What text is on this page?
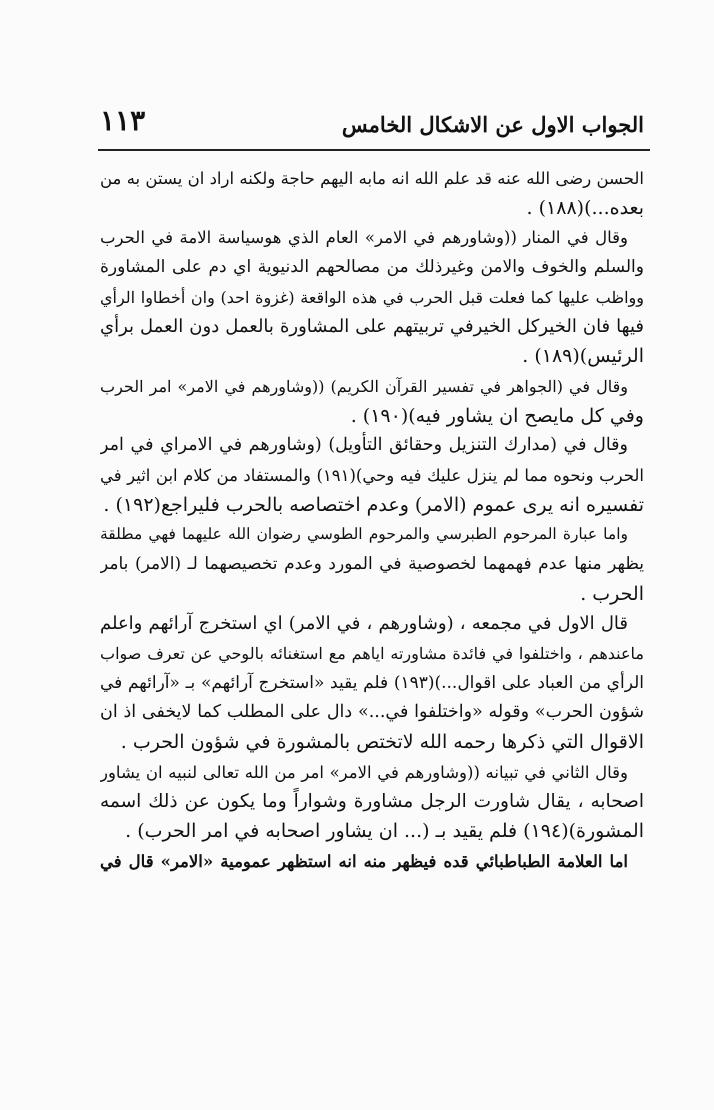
الجواب الاول عن الاشكال الخامس
١١٣
الحسن رضى الله عنه قد علم الله انه مابه اليهم حاجة ولكنه اراد ان يستن به من
بعده...)(١٨٨) .
وقال في المنار ((وشاورهم في الامر» العام الذي هوسياسة الامة في الحرب
والسلم والخوف والامن وغيرذلك من مصالحهم الدنيوية اي دم على المشاورة
وواظب عليها كما فعلت قبل الحرب في هذه الواقعة (غزوة احد) وان أخطاوا الرأي
فيها فان الخيركل الخيرفي تربيتهم على المشاورة بالعمل دون العمل برأي
الرئيس)(١٨٩) .
وقال في (الجواهر في تفسير القرآن الكريم) ((وشاورهم في الامر» امر الحرب
وفي كل مايصح ان يشاور فيه)(١٩٠) .
وقال في (مدارك التنزيل وحقائق التأويل) (وشاورهم في الامراي في امر
الحرب ونحوه مما لم ينزل عليك فيه وحي)(١٩١) والمستفاد من كلام ابن اثير في
تفسيره انه يرى عموم (الامر) وعدم اختصاصه بالحرب فليراجع(١٩٢) .
واما عبارة المرحوم الطبرسي والمرحوم الطوسي رضوان الله عليهما فهي مطلقة
يظهر منها عدم فهمهما لخصوصية في المورد وعدم تخصيصهما لـ (الامر) بامر
الحرب .
قال الاول في مجمعه ، (وشاورهم ، في الامر) اي استخرج آرائهم واعلم
ماعندهم ، واختلفوا في فائدة مشاورته اياهم مع استغنائه بالوحي عن تعرف صواب
الرأي من العباد على اقوال...)(١٩٣) فلم يقيد «استخرج آرائهم» بـ «آرائهم في
شؤون الحرب» وقوله «واختلفوا في...» دال على المطلب كما لايخفى اذ ان
الاقوال التي ذكرها رحمه الله لاتختص بالمشورة في شؤون الحرب .
وقال الثاني في تبيانه ((وشاورهم في الامر» امر من الله تعالى لنبيه ان يشاور
اصحابه ، يقال شاورت الرجل مشاورة وشواراً وما يكون عن ذلك اسمه
المشورة)(١٩٤) فلم يقيد بـ (... ان يشاور اصحابه في امر الحرب) .
اما العلامة الطباطبائي قده فيظهر منه انه استظهر عمومية «الامر» قال في
